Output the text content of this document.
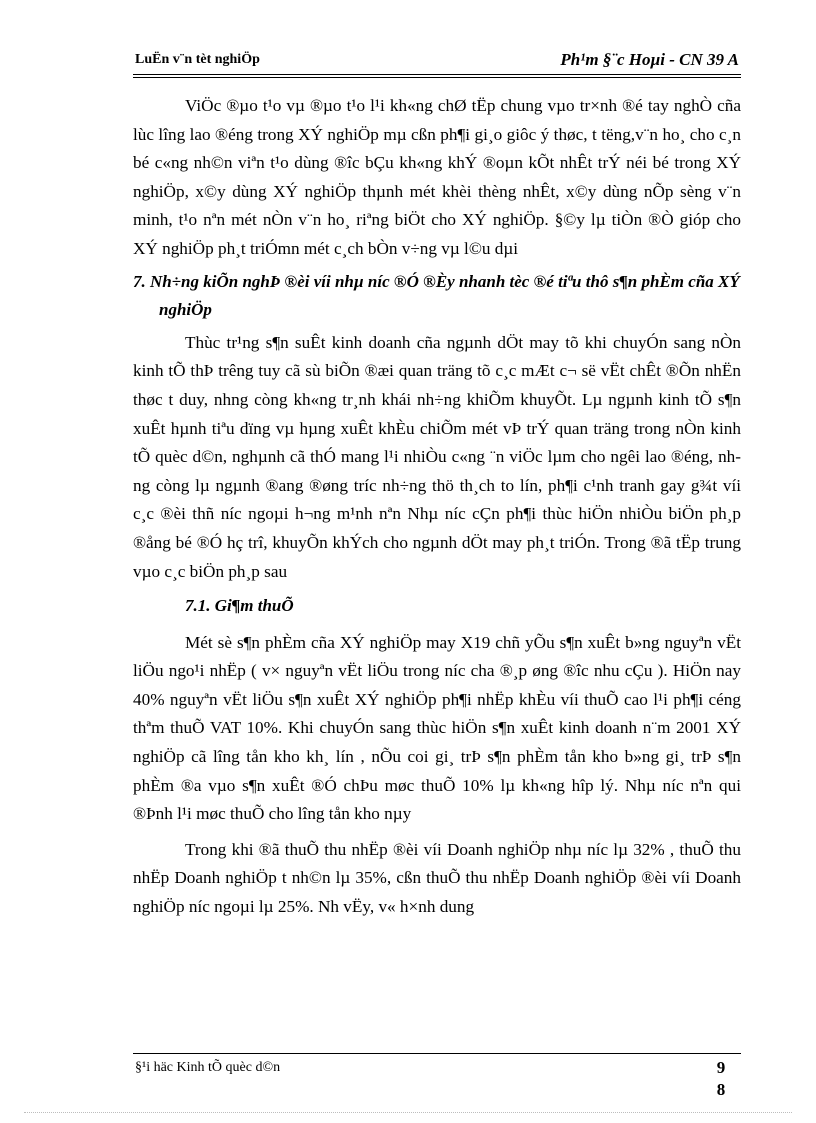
LuËn v¨n tèt nghiÖp	Ph¹m §¨c Hoµi - CN 39 A

ViÖc ®µo t¹o vµ ®µo t¹o l¹i kh«ng chØ tËp chung vµo tr×nh ®é tay nghÒ cña lùc lîng lao ®éng trong XÝ nghiÖp mµ cßn ph¶i gi¸o giôc ý thøc, t tëng,v¨n ho¸ cho c¸n bé c«ng nh©n viªn t¹o dùng ®îc bÇu kh«ng khÝ ®oµn kÕt nhÊt trÝ néi bé trong XÝ nghiÖp, x©y dùng XÝ nghiÖp thµnh mét khèi thèng nhÊt, x©y dùng nÕp sèng v¨n minh, t¹o nªn mét nÒn v¨n ho¸ riªng biÖt cho XÝ nghiÖp. §©y lµ tiÒn ®Ò gióp cho XÝ nghiÖp ph¸t triÓmn mét c¸ch bÒn v÷ng vµ l©u dµi

7. Nh÷ng kiÕn nghÞ ®èi víi nhµ níc ®Ó ®Èy nhanh tèc ®é tiªu thô s¶n phÈm cña XÝ nghiÖp

Thùc tr¹ng s¶n suÊt kinh doanh cña ngµnh dÖt may tõ khi chuyÓn sang nÒn kinh tÕ thÞ trêng tuy cã sù biÕn ®æi quan träng tõ c¸c mÆt c¬ së vËt chÊt ®Õn nhËn thøc t duy, nhng còng kh«ng tr¸nh khái nh÷ng khiÕm khuyÕt. Lµ ngµnh kinh tÕ s¶n xuÊt hµnh tiªu dïng vµ hµng xuÊt khÈu chiÕm mét vÞ trÝ quan träng trong nÒn kinh tÕ quèc d©n, nghµnh cã thÓ mang l¹i nhiÒu c«ng ¨n viÖc lµm cho ngêi lao ®éng, nhng còng lµ ngµnh ®ang ®øng tríc nh÷ng thö th¸ch to lín, ph¶i c¹nh tranh gay g¾t víi c¸c ®èi thñ níc ngoµi h¬ng m¹nh nªn Nhµ níc cÇn ph¶i thùc hiÖn nhiÒu biÖn ph¸p ®ång bé ®Ó hç trî, khuyÕn khÝch cho ngµnh dÖt may ph¸t triÓn. Trong ®ã tËp trung vµo c¸c biÖn ph¸p sau

7.1. Gi¶m thuÕ

Mét sè s¶n phÈm cña XÝ nghiÖp may X19 chñ yÕu s¶n xuÊt b»ng nguyªn vËt liÖu ngo¹i nhËp ( v× nguyªn vËt liÖu trong níc cha ®¸p øng ®îc nhu cÇu ). HiÖn nay 40% nguyªn vËt liÖu s¶n xuÊt XÝ nghiÖp ph¶i nhËp khÈu víi thuÕ cao l¹i ph¶i céng thªm thuÕ VAT 10%. Khi chuyÓn sang thùc hiÖn s¶n xuÊt kinh doanh n¨m 2001 XÝ nghiÖp cã lîng tån kho kh¸ lín , nÕu coi gi¸ trÞ s¶n phÈm tån kho b»ng gi¸ trÞ s¶n phÈm ®a vµo s¶n xuÊt ®Ó chÞu møc thuÕ 10% lµ kh«ng hîp lý. Nhµ níc nªn qui ®Þnh l¹i møc thuÕ cho lîng tån kho nµy

Trong khi ®ã thuÕ thu nhËp ®èi víi Doanh nghiÖp nhµ níc lµ 32% , thuÕ thu nhËp Doanh nghiÖp t nh©n lµ 35%, cßn thuÕ thu nhËp Doanh nghiÖp ®èi víi Doanh nghiÖp níc ngoµi lµ 25%. Nh vËy, v« h×nh dung

§¹i häc Kinh tÕ quèc d©n	9
8
